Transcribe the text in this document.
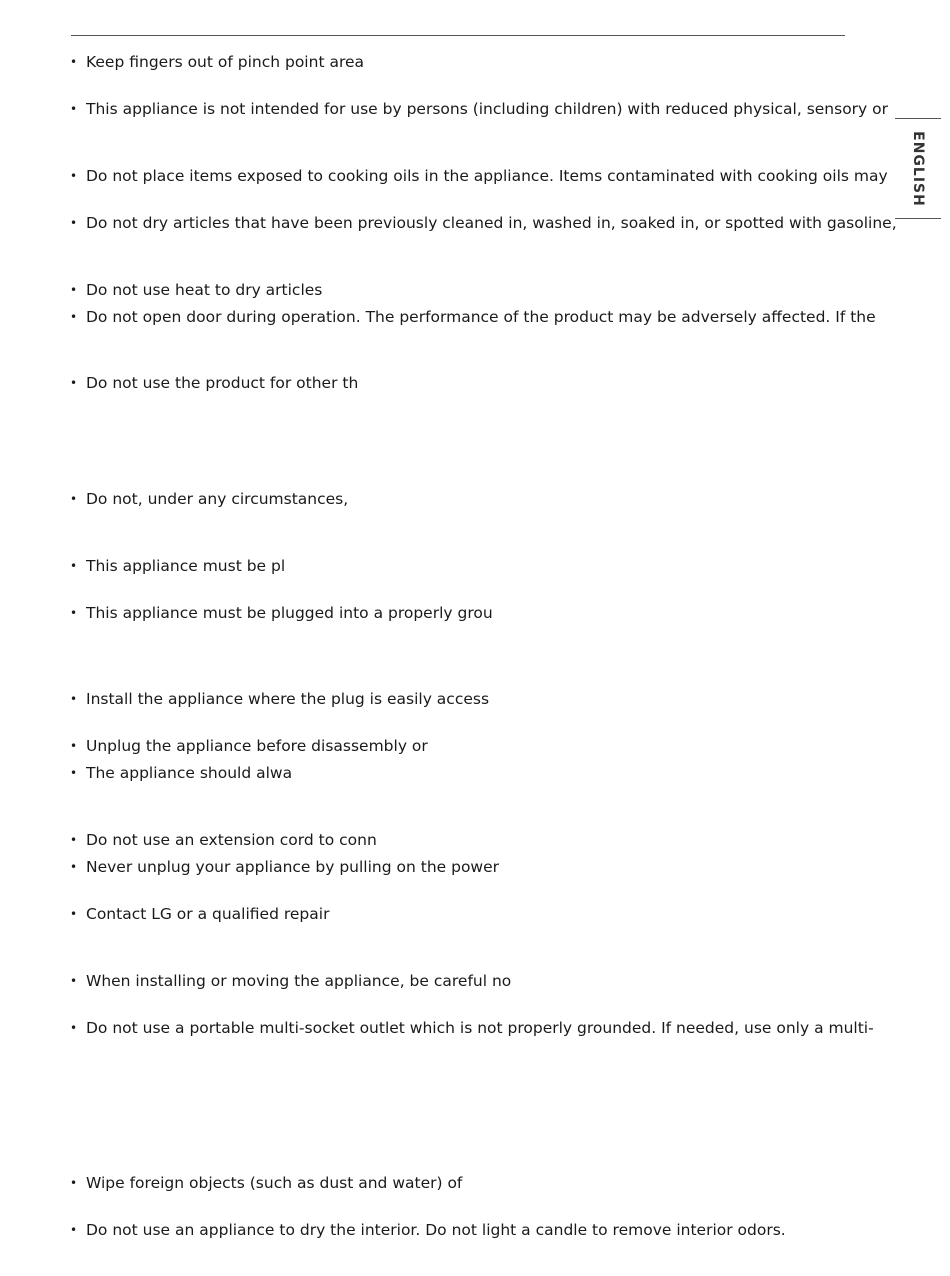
ENGLISH
• Keep fingers out of pinch point area
• This appliance is not intended for use by persons (including children) with reduced physical, sensory or
• Do not place items exposed to cooking oils in the appliance. Items contaminated with cooking oils may
• Do not dry articles that have been previously cleaned in, washed in, soaked in, or spotted with gasoline,
• Do not use heat to dry articles
• Do not open door during operation. The performance of the product may be adversely affected. If the
• Do not use the product for other th
• Do not, under any circumstances,
• This appliance must be pl
• This appliance must be plugged into a properly grou
• Install the appliance where the plug is easily access
• Unplug the appliance before disassembly or
• The appliance should alwa
• Do not use an extension cord to conn
• Never unplug your appliance by pulling on the power
• Contact LG or a qualified repair
• When installing or moving the appliance, be careful no
• Do not use a portable multi-socket outlet which is not properly grounded. If needed, use only a multi-
• Wipe foreign objects (such as dust and water) of
• Do not use an appliance to dry the interior. Do not light a candle to remove interior odors.
